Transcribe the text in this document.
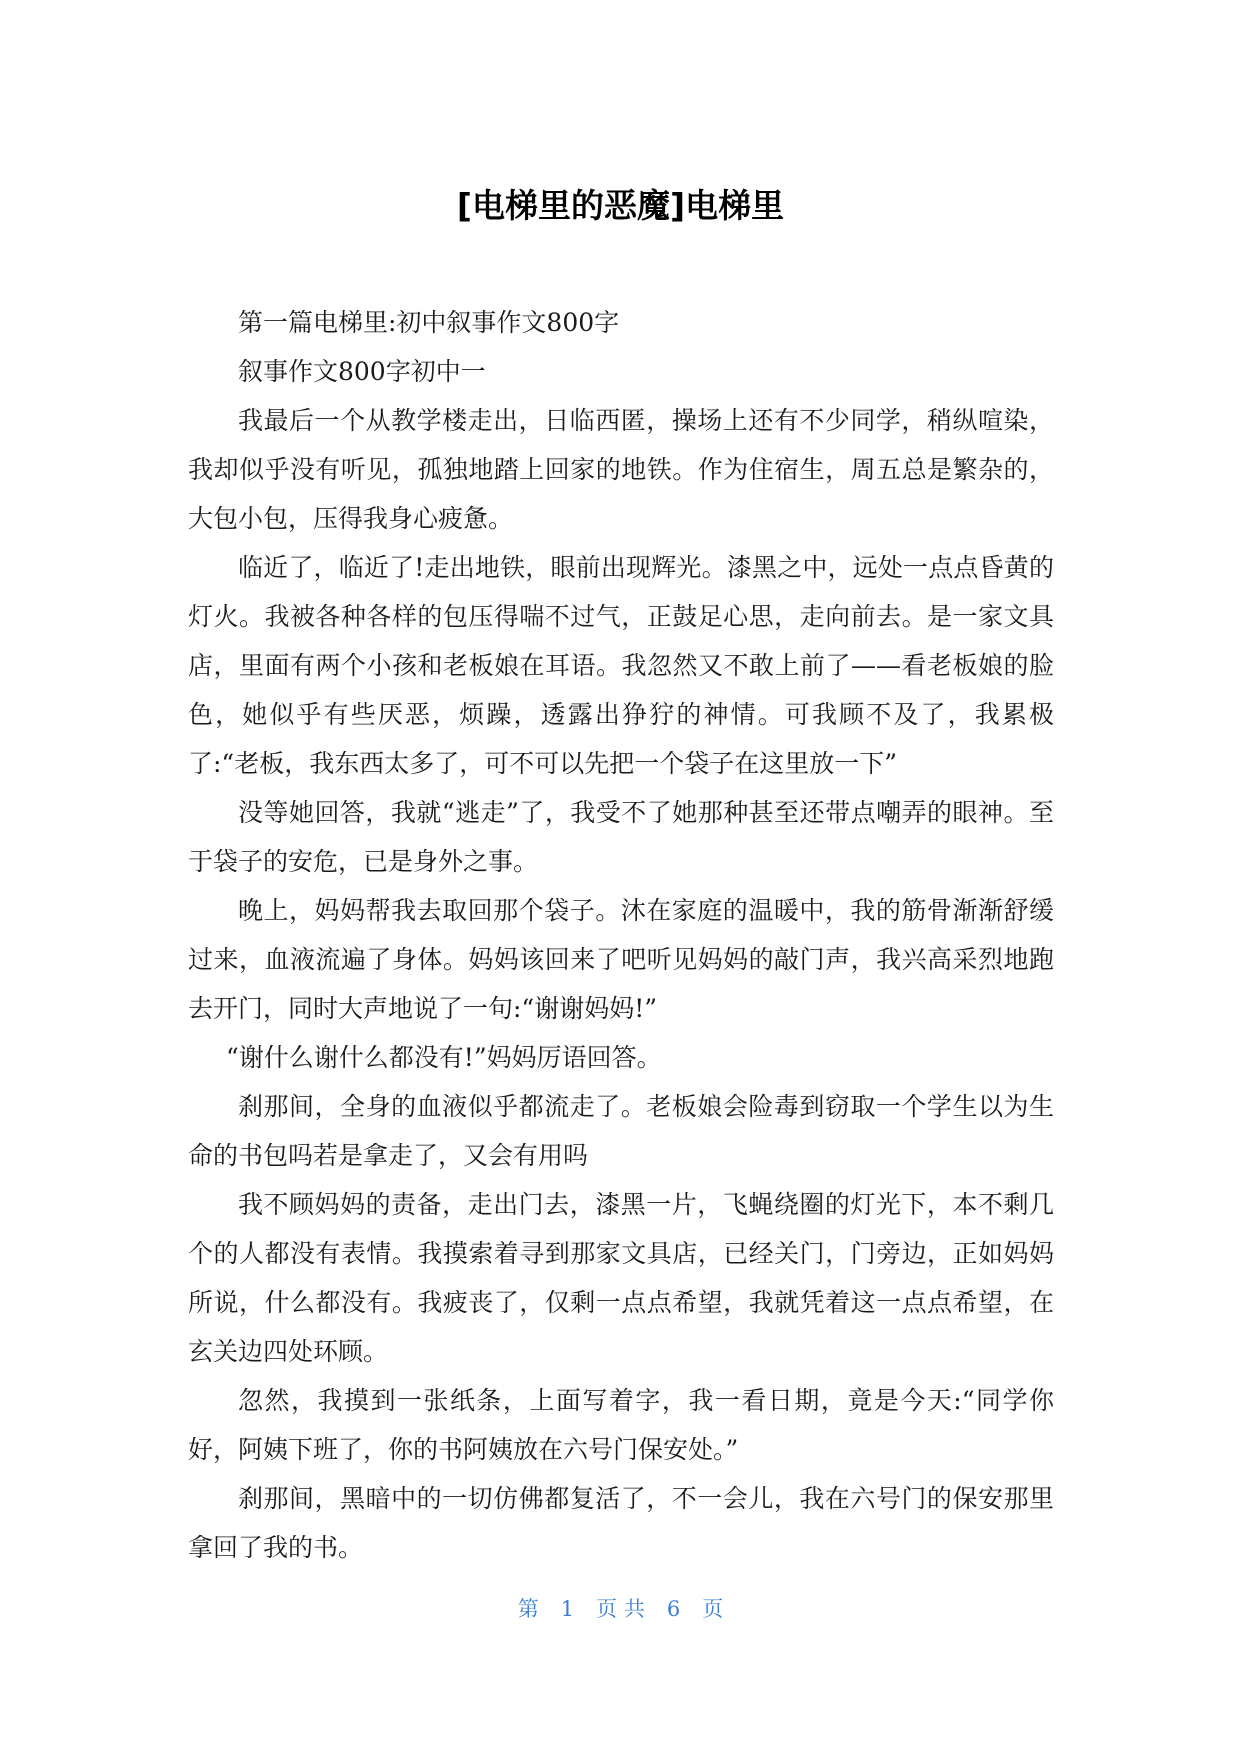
[电梯里的恶魔]电梯里

第一篇电梯里:初中叙事作文800字

叙事作文800字初中一

我最后一个从教学楼走出，日临西匿，操场上还有不少同学，稍纵喧染，我却似乎没有听见，孤独地踏上回家的地铁。作为住宿生，周五总是繁杂的，大包小包，压得我身心疲惫。

临近了，临近了!走出地铁，眼前出现辉光。漆黑之中，远处一点点昏黄的灯火。我被各种各样的包压得喘不过气，正鼓足心思，走向前去。是一家文具店，里面有两个小孩和老板娘在耳语。我忽然又不敢上前了——看老板娘的脸色，她似乎有些厌恶，烦躁，透露出狰狞的神情。可我顾不及了，我累极了:“老板，我东西太多了，可不可以先把一个袋子在这里放一下”

没等她回答，我就“逃走”了，我受不了她那种甚至还带点嘲弄的眼神。至于袋子的安危，已是身外之事。

晚上，妈妈帮我去取回那个袋子。沐在家庭的温暖中，我的筋骨渐渐舒缓过来，血液流遍了身体。妈妈该回来了吧听见妈妈的敲门声，我兴高采烈地跑去开门，同时大声地说了一句:“谢谢妈妈!”

“谢什么谢什么都没有!”妈妈厉语回答。

刹那间，全身的血液似乎都流走了。老板娘会险毒到窃取一个学生以为生命的书包吗若是拿走了，又会有用吗

我不顾妈妈的责备，走出门去，漆黑一片，飞蝇绕圈的灯光下，本不剩几个的人都没有表情。我摸索着寻到那家文具店，已经关门，门旁边，正如妈妈所说，什么都没有。我疲丧了，仅剩一点点希望，我就凭着这一点点希望，在玄关边四处环顾。

忽然，我摸到一张纸条，上面写着字，我一看日期，竟是今天:“同学你好，阿姨下班了，你的书阿姨放在六号门保安处。”

刹那间，黑暗中的一切仿佛都复活了，不一会儿，我在六号门的保安那里拿回了我的书。

第 1 页 共 6 页
